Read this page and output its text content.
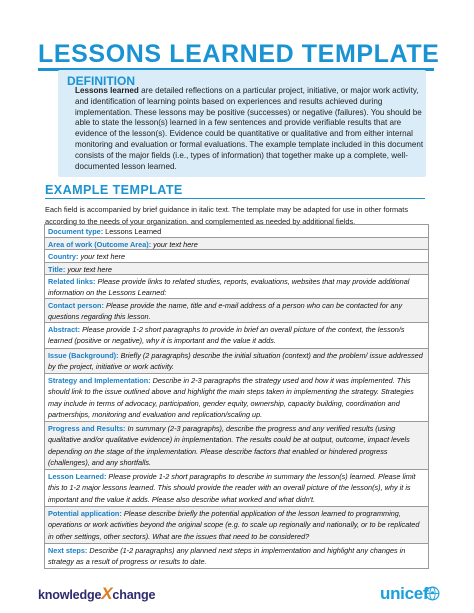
LESSONS LEARNED TEMPLATE
DEFINITION
Lessons learned are detailed reflections on a particular project, initiative, or major work activity, and identification of learning points based on experiences and results achieved during implementation. These lessons may be positive (successes) or negative (failures). You should be able to state the lesson(s) learned in a few sentences and provide verifiable results that are evidence of the lesson(s). Evidence could be quantitative or qualitative and from either internal monitoring and evaluation or formal evaluations. The example template included in this document consists of the major fields (i.e., types of information) that together make up a complete, well-documented lesson learned.
EXAMPLE TEMPLATE
Each field is accompanied by brief guidance in italic text. The template may be adapted for use in other formats according to the needs of your organization, and complemented as needed by additional fields.
Document type: Lessons Learned
Area of work (Outcome Area): your text here
Country: your text here
Title: your text here
Related links: Please provide links to related studies, reports, evaluations, websites that may provide additional information on the Lessons Learned:
Contact person: Please provide the name, title and e-mail address of a person who can be contacted for any questions regarding this lesson.
Abstract: Please provide 1-2 short paragraphs to provide in brief an overall picture of the context, the lesson/s learned (positive or negative), why it is important and the value it adds.
Issue (Background): Briefly (2 paragraphs) describe the initial situation (context) and the problem/ issue addressed by the project, initiative or work activity.
Strategy and Implementation: Describe in 2-3 paragraphs the strategy used and how it was implemented. This should link to the issue outlined above and highlight the main steps taken in implementing the strategy. Strategies may include in terms of advocacy, participation, gender equity, ownership, capacity building, coordination and partnerships, monitoring and evaluation and replication/scaling up.
Progress and Results: In summary (2-3 paragraphs), describe the progress and any verified results (using qualitative and/or qualitative evidence) in implementation. The results could be at output, outcome, impact levels depending on the stage of the implementation. Please describe factors that enabled or hindered progress (challenges), and any shortfalls.
Lesson Learned: Please provide 1-2 short paragraphs to describe in summary the lesson(s) learned. Please limit this to 1-2 major lessons learned. This should provide the reader with an overall picture of the lesson(s), why it is important and the value it adds. Please also describe what worked and what didn't.
Potential application: Please describe briefly the potential application of the lesson learned to programming, operations or work activities beyond the original scope (e.g. to scale up regionally and nationally, or to be replicated in other settings, other sectors). What are the issues that need to be considered?
Next steps: Describe (1-2 paragraphs) any planned next steps in implementation and highlight any changes in strategy as a result of progress or results to date.
knowledgeXchange	unicef
